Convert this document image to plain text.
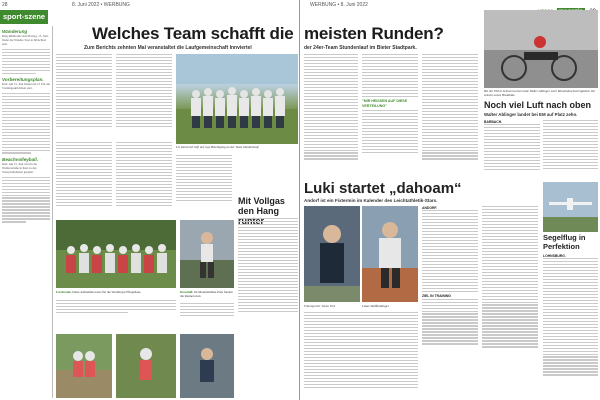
8. Juni 2022 • WERBUNG
28
sport-szene
Wanderung
Ring Rhinfranh: Am Montag, 13. Juni, findet die Wander-Tour in Mönchhof statt.
Vorbereitungsplan.
Kiel: Am 15. Juni finden um 15 Uhr die Trainingsaktivitäten statt.
Beachvolleyball.
Kiel: Am 15. Juni wird in der Waldersstraße in Kiel an den Volleyballplätzen gespielt.
Welches Team schafft die
Zum Berichts zehnten Mal veranstaltet die Laufgemeinschaft Innviertel
LG Innviertel lieft auf rege Beteiligung an der Team Stundenlauf.
Mit Vollgas den Hang
Fortfreude. Diese Aufnahme leerte für die Wertmeyer Pflegehaus.	Downhill. Im Mountainbike-Park fanden die Rennen statt.
WERBUNG • 8. Juni 2022
meisten Runden?
der 24er-Team Stundenlauf im Bieter Stadtpark.
"MIR HEISSEN AUF DIESE VERTEILUNG"
Bei der EM in Schneerweisen hatte Walter Ablinger noch Mountainschwierigkeiten mit seinem neuen Handbike.
Noch viel Luft nach oben
Walter Ablinger landet bei EM auf Platz zehn.
BARBACH.
Luki startet „dahoam“
Andorf ist ein Fixtermin im Kalender des Leichtathletik-Stars.
Fotoreporter Jonen Fest	Lukas Weißhaidinger
ANDORF.
ZIEL IN TRAINING
Segelflug in Perfektion
LOHNSBURG.
